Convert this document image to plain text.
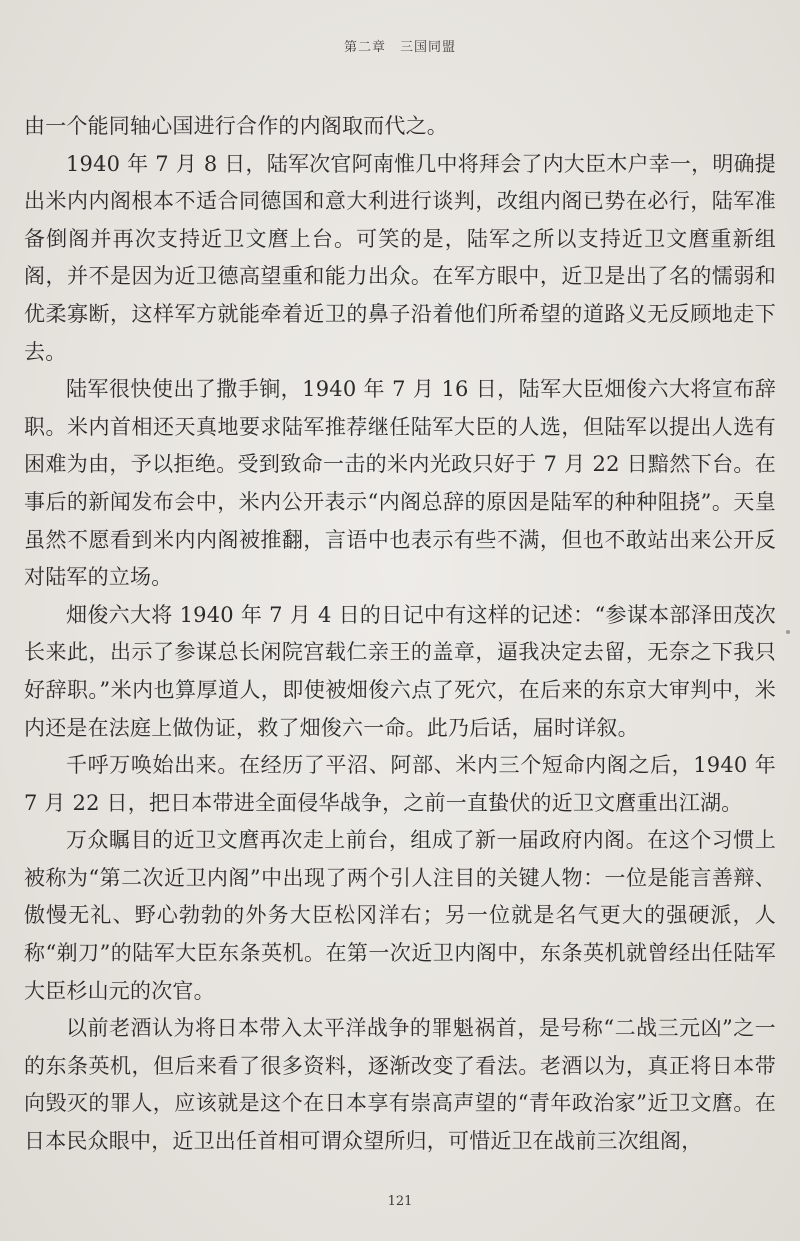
第二章　三国同盟

由一个能同轴心国进行合作的内阁取而代之。

1940 年 7 月 8 日，陆军次官阿南惟几中将拜会了内大臣木户幸一，明确提出米内内阁根本不适合同德国和意大利进行谈判，改组内阁已势在必行，陆军准备倒阁并再次支持近卫文麿上台。可笑的是，陆军之所以支持近卫文麿重新组阁，并不是因为近卫德高望重和能力出众。在军方眼中，近卫是出了名的懦弱和优柔寡断，这样军方就能牵着近卫的鼻子沿着他们所希望的道路义无反顾地走下去。

陆军很快使出了撒手锏，1940 年 7 月 16 日，陆军大臣畑俊六大将宣布辞职。米内首相还天真地要求陆军推荐继任陆军大臣的人选，但陆军以提出人选有困难为由，予以拒绝。受到致命一击的米内光政只好于 7 月 22 日黯然下台。在事后的新闻发布会中，米内公开表示“内阁总辞的原因是陆军的种种阻挠”。天皇虽然不愿看到米内内阁被推翻，言语中也表示有些不满，但也不敢站出来公开反对陆军的立场。

畑俊六大将 1940 年 7 月 4 日的日记中有这样的记述：“参谋本部泽田茂次长来此，出示了参谋总长闲院宫载仁亲王的盖章，逼我决定去留，无奈之下我只好辞职。”米内也算厚道人，即使被畑俊六点了死穴，在后来的东京大审判中，米内还是在法庭上做伪证，救了畑俊六一命。此乃后话，届时详叙。

千呼万唤始出来。在经历了平沼、阿部、米内三个短命内阁之后，1940 年 7 月 22 日，把日本带进全面侵华战争，之前一直蛰伏的近卫文麿重出江湖。

万众瞩目的近卫文麿再次走上前台，组成了新一届政府内阁。在这个习惯上被称为“第二次近卫内阁”中出现了两个引人注目的关键人物：一位是能言善辩、傲慢无礼、野心勃勃的外务大臣松冈洋右；另一位就是名气更大的强硬派，人称“剃刀”的陆军大臣东条英机。在第一次近卫内阁中，东条英机就曾经出任陆军大臣杉山元的次官。

以前老酒认为将日本带入太平洋战争的罪魁祸首，是号称“二战三元凶”之一的东条英机，但后来看了很多资料，逐渐改变了看法。老酒以为，真正将日本带向毁灭的罪人，应该就是这个在日本享有崇高声望的“青年政治家”近卫文麿。在日本民众眼中，近卫出任首相可谓众望所归，可惜近卫在战前三次组阁，

121
